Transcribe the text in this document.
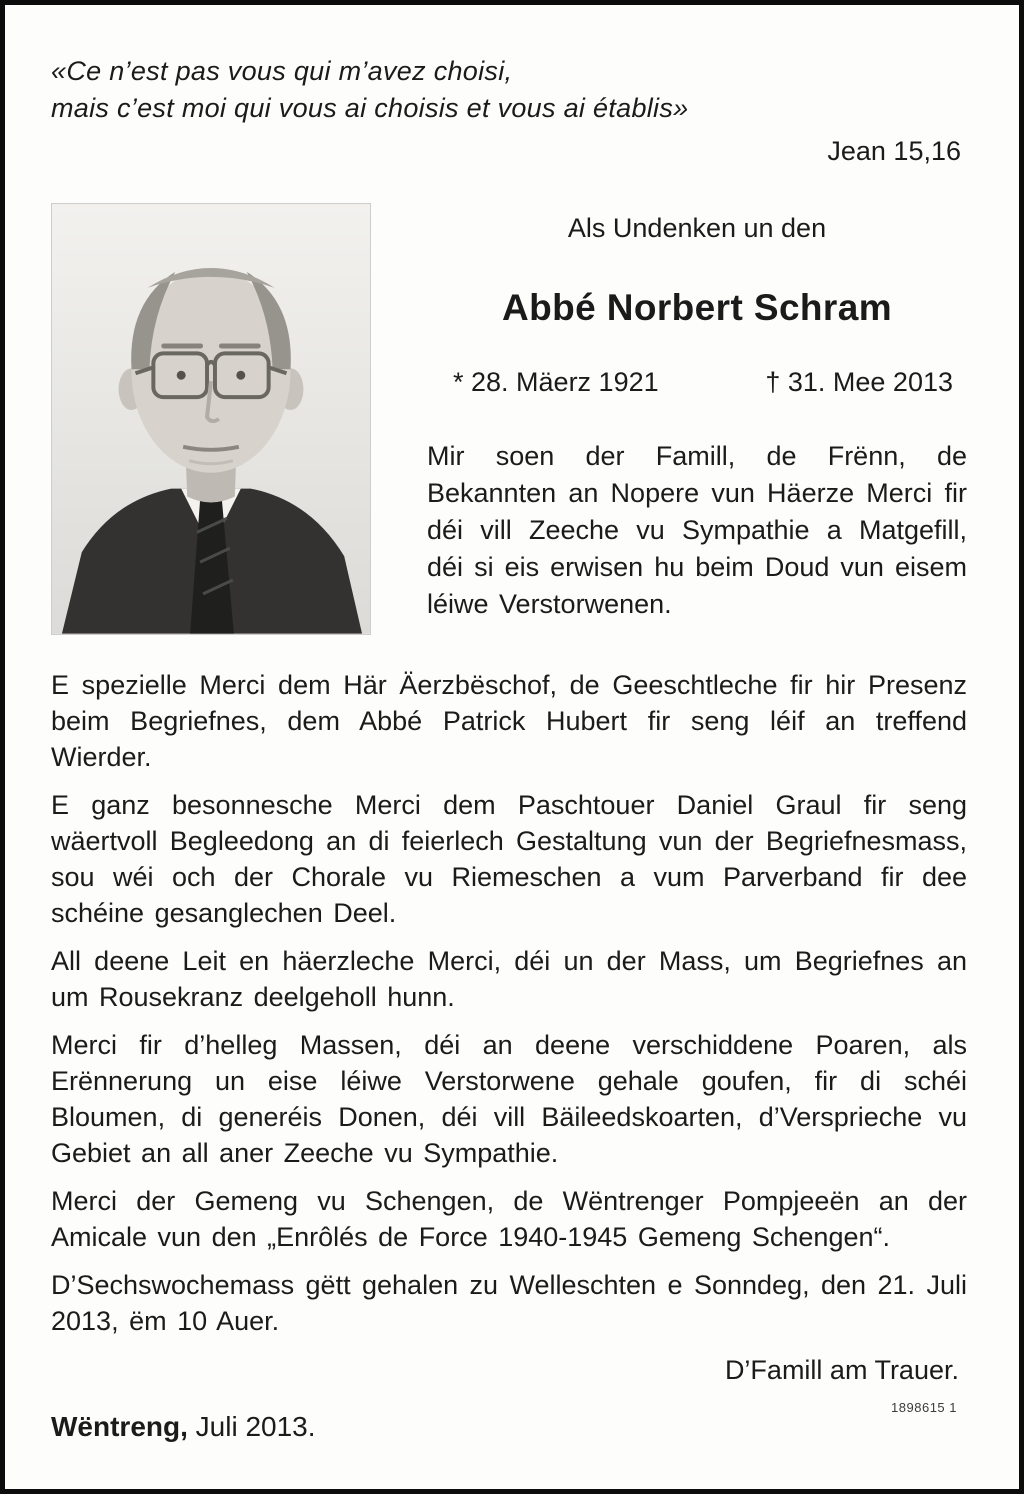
«Ce n’est pas vous qui m’avez choisi,
mais c’est moi qui vous ai choisis et vous ai établis»
Jean 15,16
Als Undenken un den
Abbé Norbert Schram
* 28. Mäerz 1921	† 31. Mee 2013

Mir soen der Famill, de Frënn, de Bekannten an Nopere vun Häerze Merci fir déi vill Zeeche vu Sympathie a Matgefill, déi si eis erwisen hu beim Doud vun eisem léiwe Verstorwenen.

E spezielle Merci dem Här Äerzbëschof, de Geeschtleche fir hir Presenz beim Begriefnes, dem Abbé Patrick Hubert fir seng léif an treffend Wierder.

E ganz besonnesche Merci dem Paschtouer Daniel Graul fir seng wäertvoll Begleedong an di feierlech Gestaltung vun der Begriefnesmass, sou wéi och der Chorale vu Riemeschen a vum Parverband fir dee schéine gesanglechen Deel.

All deene Leit en häerzleche Merci, déi un der Mass, um Begriefnes an um Rousekranz deelgeholl hunn.

Merci fir d’helleg Massen, déi an deene verschiddene Poaren, als Erënnerung un eise léiwe Verstorwene gehale goufen, fir di schéi Bloumen, di generéis Donen, déi vill Bäileedskoarten, d’Versprieche vu Gebiet an all aner Zeeche vu Sympathie.

Merci der Gemeng vu Schengen, de Wëntrenger Pompjeeën an der Amicale vun den „Enrôlés de Force 1940-1945 Gemeng Schengen“.

D’Sechswochemass gëtt gehalen zu Welleschten e Sonndeg, den 21. Juli 2013, ëm 10 Auer.

D’Famill am Trauer.
Wëntreng, Juli 2013.
1898615 1
